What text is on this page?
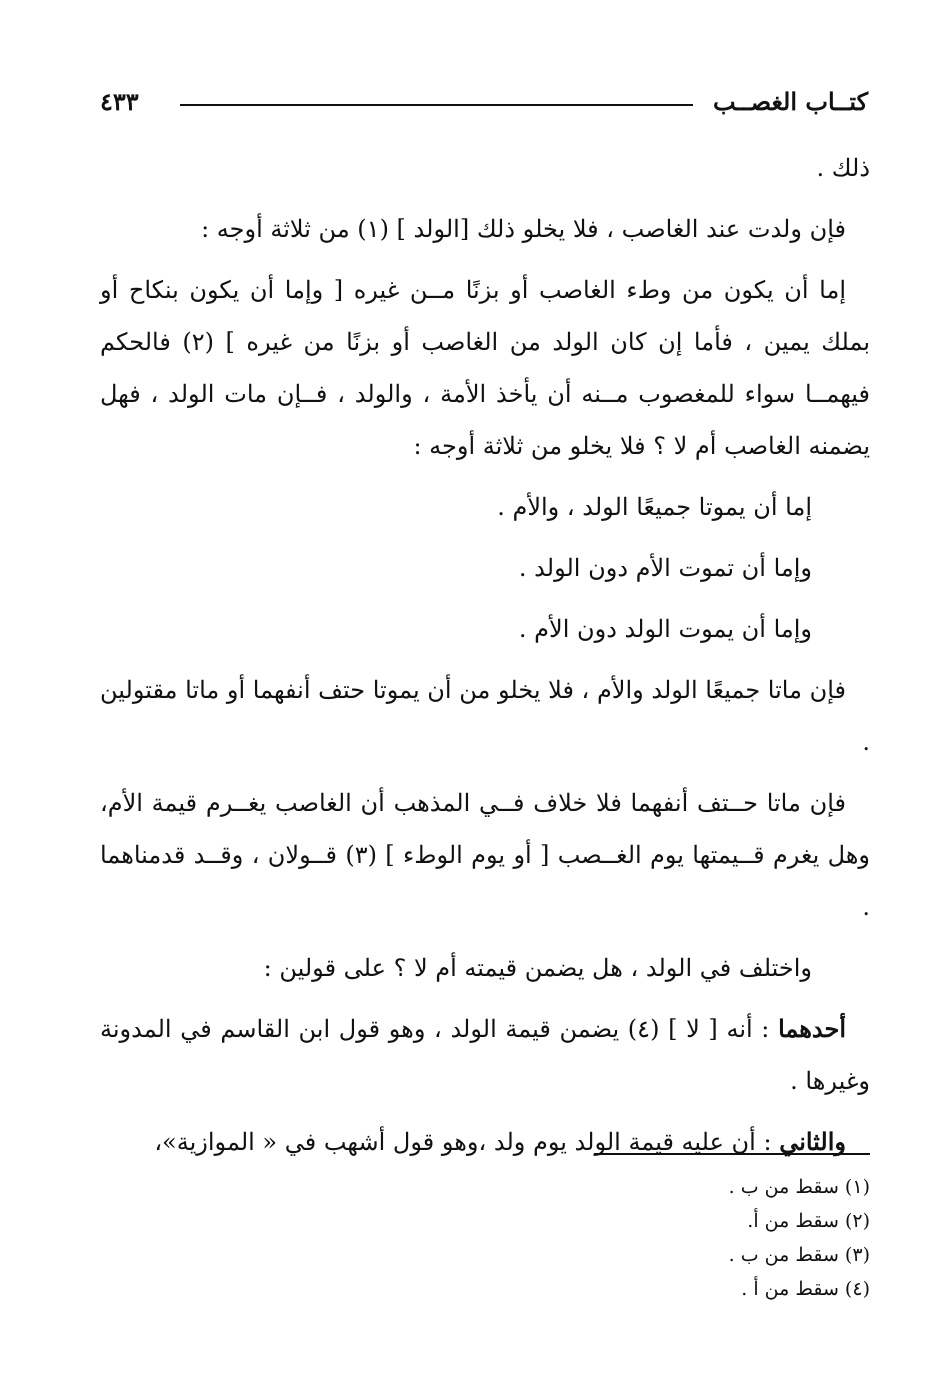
كتــاب الغصــب
٤٣٣

ذلك .

فإن ولدت عند الغاصب ، فلا يخلو ذلك [الولد ] (١) من ثلاثة أوجه :

إما أن يكون من وطء الغاصب أو بزنًا مــن غيره [ وإما أن يكون بنكاح أو بملك يمين ، فأما إن كان الولد من الغاصب أو بزنًا من غيره ] (٢) فالحكم فيهمــا سواء للمغصوب مــنه أن يأخذ الأمة ، والولد ، فــإن مات الولد ، فهل يضمنه الغاصب أم لا ؟ فلا يخلو من ثلاثة أوجه :

إما أن يموتا جميعًا الولد ، والأم .

وإما أن تموت الأم دون الولد .

وإما أن يموت الولد دون الأم .

فإن ماتا جميعًا الولد والأم ، فلا يخلو من أن يموتا حتف أنفهما أو ماتا مقتولين .

فإن ماتا حــتف أنفهما فلا خلاف فــي المذهب أن الغاصب يغــرم قيمة الأم، وهل يغرم قــيمتها يوم الغــصب [ أو يوم الوطء ] (٣) قــولان ، وقــد قدمناهما .

واختلف في الولد ، هل يضمن قيمته أم لا ؟ على قولين :

أحدهما : أنه [ لا ] (٤) يضمن قيمة الولد ، وهو قول ابن القاسم في المدونة وغيرها .

والثاني : أن عليه قيمة الولد يوم ولد ،وهو قول أشهب في « الموازية»،

(١) سقط من ب .
(٢) سقط من أ.
(٣) سقط من ب .
(٤) سقط من أ .
